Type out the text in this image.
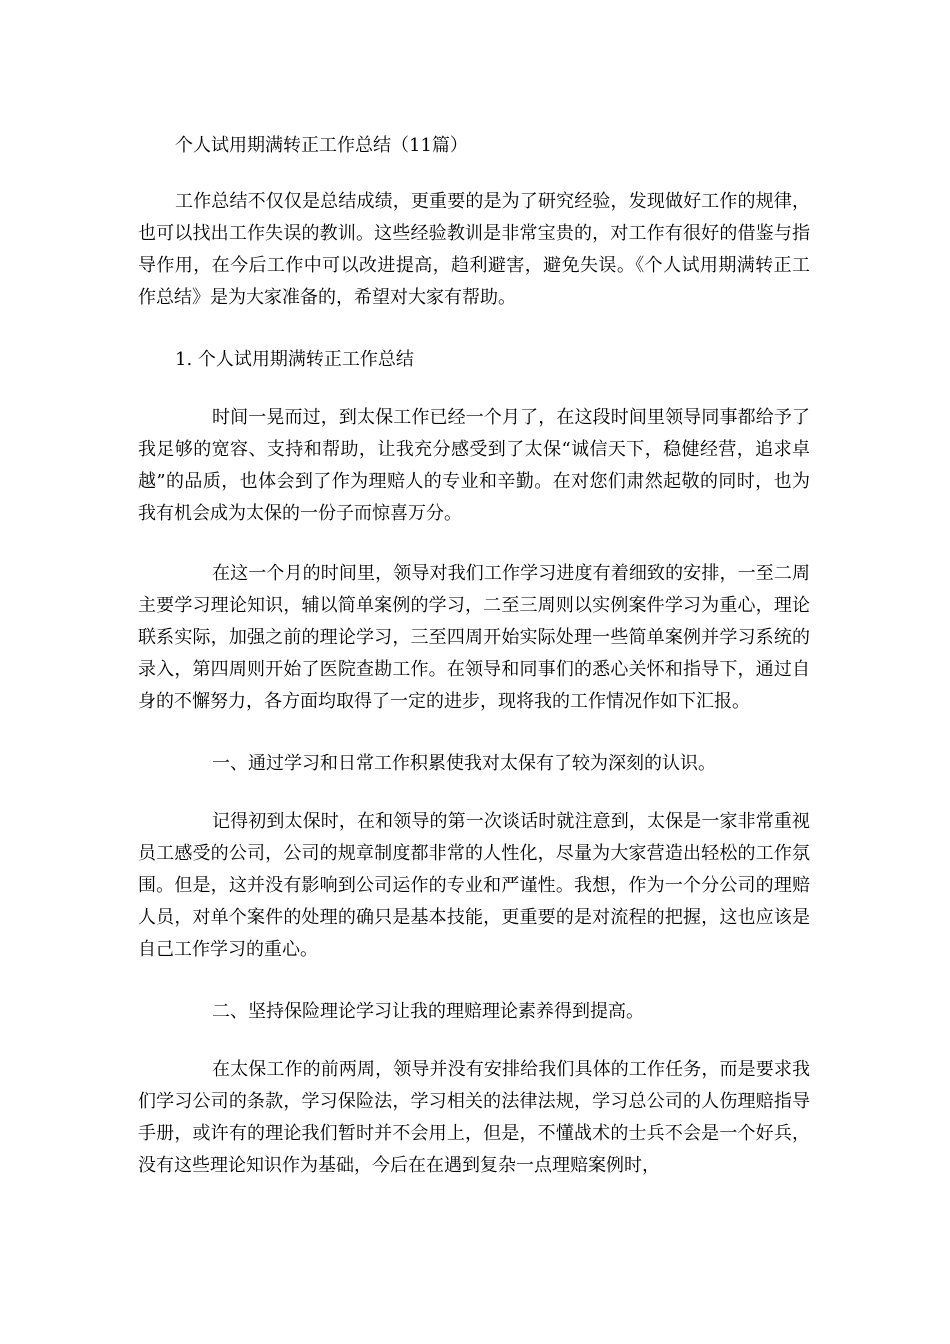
个人试用期满转正工作总结（11篇）

工作总结不仅仅是总结成绩，更重要的是为了研究经验，发现做好工作的规律，也可以找出工作失误的教训。这些经验教训是非常宝贵的，对工作有很好的借鉴与指导作用，在今后工作中可以改进提高，趋利避害，避免失误。《个人试用期满转正工作总结》是为大家准备的，希望对大家有帮助。

1. 个人试用期满转正工作总结

时间一晃而过，到太保工作已经一个月了，在这段时间里领导同事都给予了我足够的宽容、支持和帮助，让我充分感受到了太保“诚信天下，稳健经营，追求卓越”的品质，也体会到了作为理赔人的专业和辛勤。在对您们肃然起敬的同时，也为我有机会成为太保的一份子而惊喜万分。

在这一个月的时间里，领导对我们工作学习进度有着细致的安排，一至二周主要学习理论知识，辅以简单案例的学习，二至三周则以实例案件学习为重心，理论联系实际，加强之前的理论学习，三至四周开始实际处理一些简单案例并学习系统的录入，第四周则开始了医院查勘工作。在领导和同事们的悉心关怀和指导下，通过自身的不懈努力，各方面均取得了一定的进步，现将我的工作情况作如下汇报。

一、通过学习和日常工作积累使我对太保有了较为深刻的认识。

记得初到太保时，在和领导的第一次谈话时就注意到，太保是一家非常重视员工感受的公司，公司的规章制度都非常的人性化，尽量为大家营造出轻松的工作氛围。但是，这并没有影响到公司运作的专业和严谨性。我想，作为一个分公司的理赔人员，对单个案件的处理的确只是基本技能，更重要的是对流程的把握，这也应该是自己工作学习的重心。

二、坚持保险理论学习让我的理赔理论素养得到提高。

在太保工作的前两周，领导并没有安排给我们具体的工作任务，而是要求我们学习公司的条款，学习保险法，学习相关的法律法规，学习总公司的人伤理赔指导手册，或许有的理论我们暂时并不会用上，但是，不懂战术的士兵不会是一个好兵，没有这些理论知识作为基础，今后在在遇到复杂一点理赔案例时，
